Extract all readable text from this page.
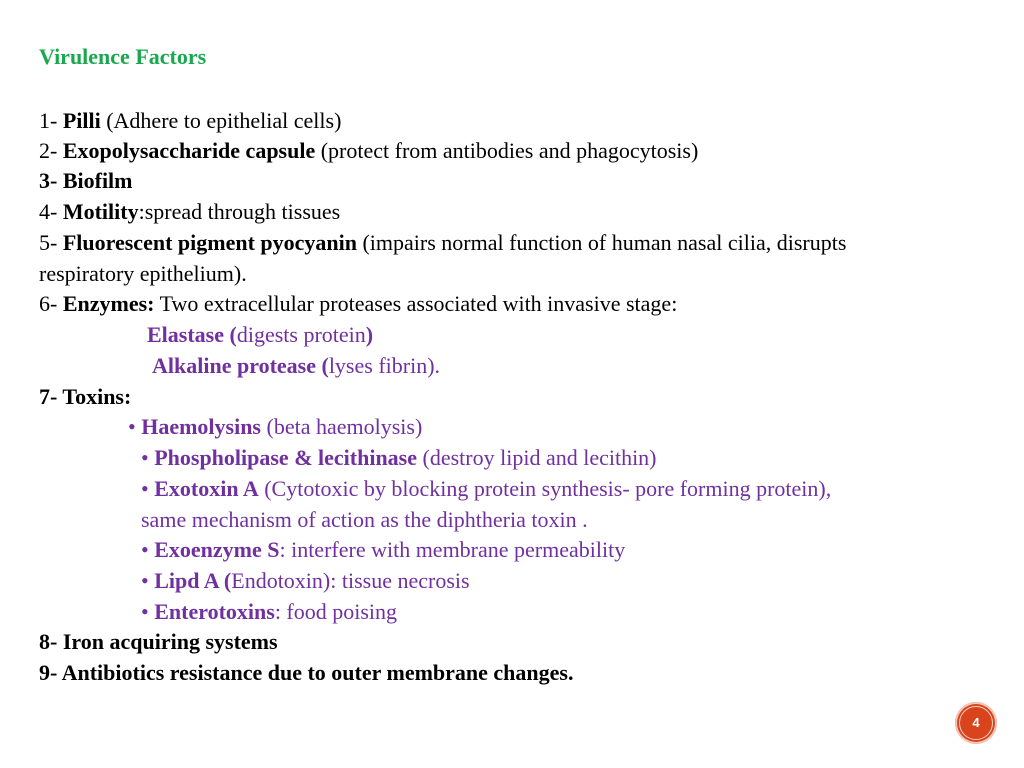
Virulence Factors
1- Pilli (Adhere to epithelial cells)
2- Exopolysaccharide capsule (protect from antibodies and phagocytosis)
3- Biofilm
4- Motility:spread through tissues
5- Fluorescent pigment pyocyanin (impairs normal function of human nasal cilia, disrupts
respiratory epithelium).
6- Enzymes: Two extracellular proteases associated with invasive stage:
Elastase (digests protein)
Alkaline protease (lyses fibrin).
7- Toxins:
• Haemolysins (beta haemolysis)
• Phospholipase & lecithinase (destroy lipid and lecithin)
• Exotoxin A (Cytotoxic by blocking protein synthesis- pore forming protein),
same mechanism of action as the diphtheria toxin .
• Exoenzyme S: interfere with membrane permeability
• Lipd A (Endotoxin): tissue necrosis
• Enterotoxins: food poising
8- Iron acquiring systems
9- Antibiotics resistance due to outer membrane changes.
4
